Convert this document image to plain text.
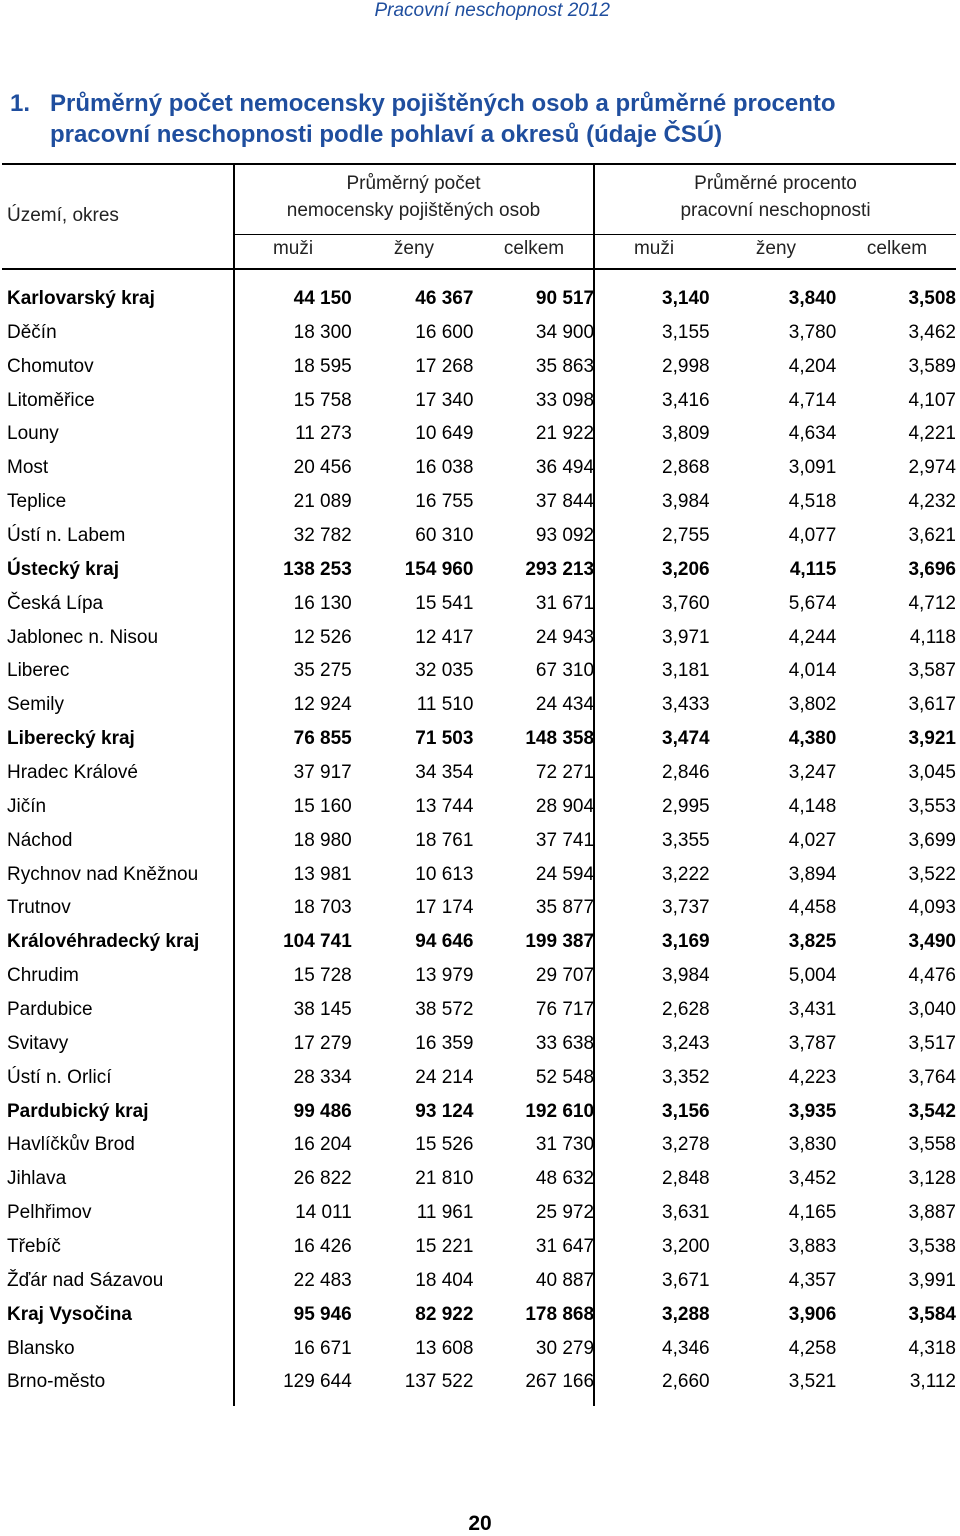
Pracovní neschopnost 2012
1. Průměrný počet nemocensky pojištěných osob a průměrné procento pracovní neschopnosti podle pohlaví a okresů (údaje ČSÚ)
Území, okres
Průměrný počet
nemocensky pojištěných osob
Průměrné procento
pracovní neschopnosti
muži	ženy	celkem	muži	ženy	celkem
Karlovarský kraj	44 150	46 367	90 517	3,140	3,840	3,508
Děčín	18 300	16 600	34 900	3,155	3,780	3,462
Chomutov	18 595	17 268	35 863	2,998	4,204	3,589
Litoměřice	15 758	17 340	33 098	3,416	4,714	4,107
Louny	11 273	10 649	21 922	3,809	4,634	4,221
Most	20 456	16 038	36 494	2,868	3,091	2,974
Teplice	21 089	16 755	37 844	3,984	4,518	4,232
Ústí n. Labem	32 782	60 310	93 092	2,755	4,077	3,621
Ústecký kraj	138 253	154 960	293 213	3,206	4,115	3,696
Česká Lípa	16 130	15 541	31 671	3,760	5,674	4,712
Jablonec n. Nisou	12 526	12 417	24 943	3,971	4,244	4,118
Liberec	35 275	32 035	67 310	3,181	4,014	3,587
Semily	12 924	11 510	24 434	3,433	3,802	3,617
Liberecký kraj	76 855	71 503	148 358	3,474	4,380	3,921
Hradec Králové	37 917	34 354	72 271	2,846	3,247	3,045
Jičín	15 160	13 744	28 904	2,995	4,148	3,553
Náchod	18 980	18 761	37 741	3,355	4,027	3,699
Rychnov nad Kněžnou	13 981	10 613	24 594	3,222	3,894	3,522
Trutnov	18 703	17 174	35 877	3,737	4,458	4,093
Královéhradecký kraj	104 741	94 646	199 387	3,169	3,825	3,490
Chrudim	15 728	13 979	29 707	3,984	5,004	4,476
Pardubice	38 145	38 572	76 717	2,628	3,431	3,040
Svitavy	17 279	16 359	33 638	3,243	3,787	3,517
Ústí n. Orlicí	28 334	24 214	52 548	3,352	4,223	3,764
Pardubický kraj	99 486	93 124	192 610	3,156	3,935	3,542
Havlíčkův Brod	16 204	15 526	31 730	3,278	3,830	3,558
Jihlava	26 822	21 810	48 632	2,848	3,452	3,128
Pelhřimov	14 011	11 961	25 972	3,631	4,165	3,887
Třebíč	16 426	15 221	31 647	3,200	3,883	3,538
Žďár nad Sázavou	22 483	18 404	40 887	3,671	4,357	3,991
Kraj Vysočina	95 946	82 922	178 868	3,288	3,906	3,584
Blansko	16 671	13 608	30 279	4,346	4,258	4,318
Brno-město	129 644	137 522	267 166	2,660	3,521	3,112
20
